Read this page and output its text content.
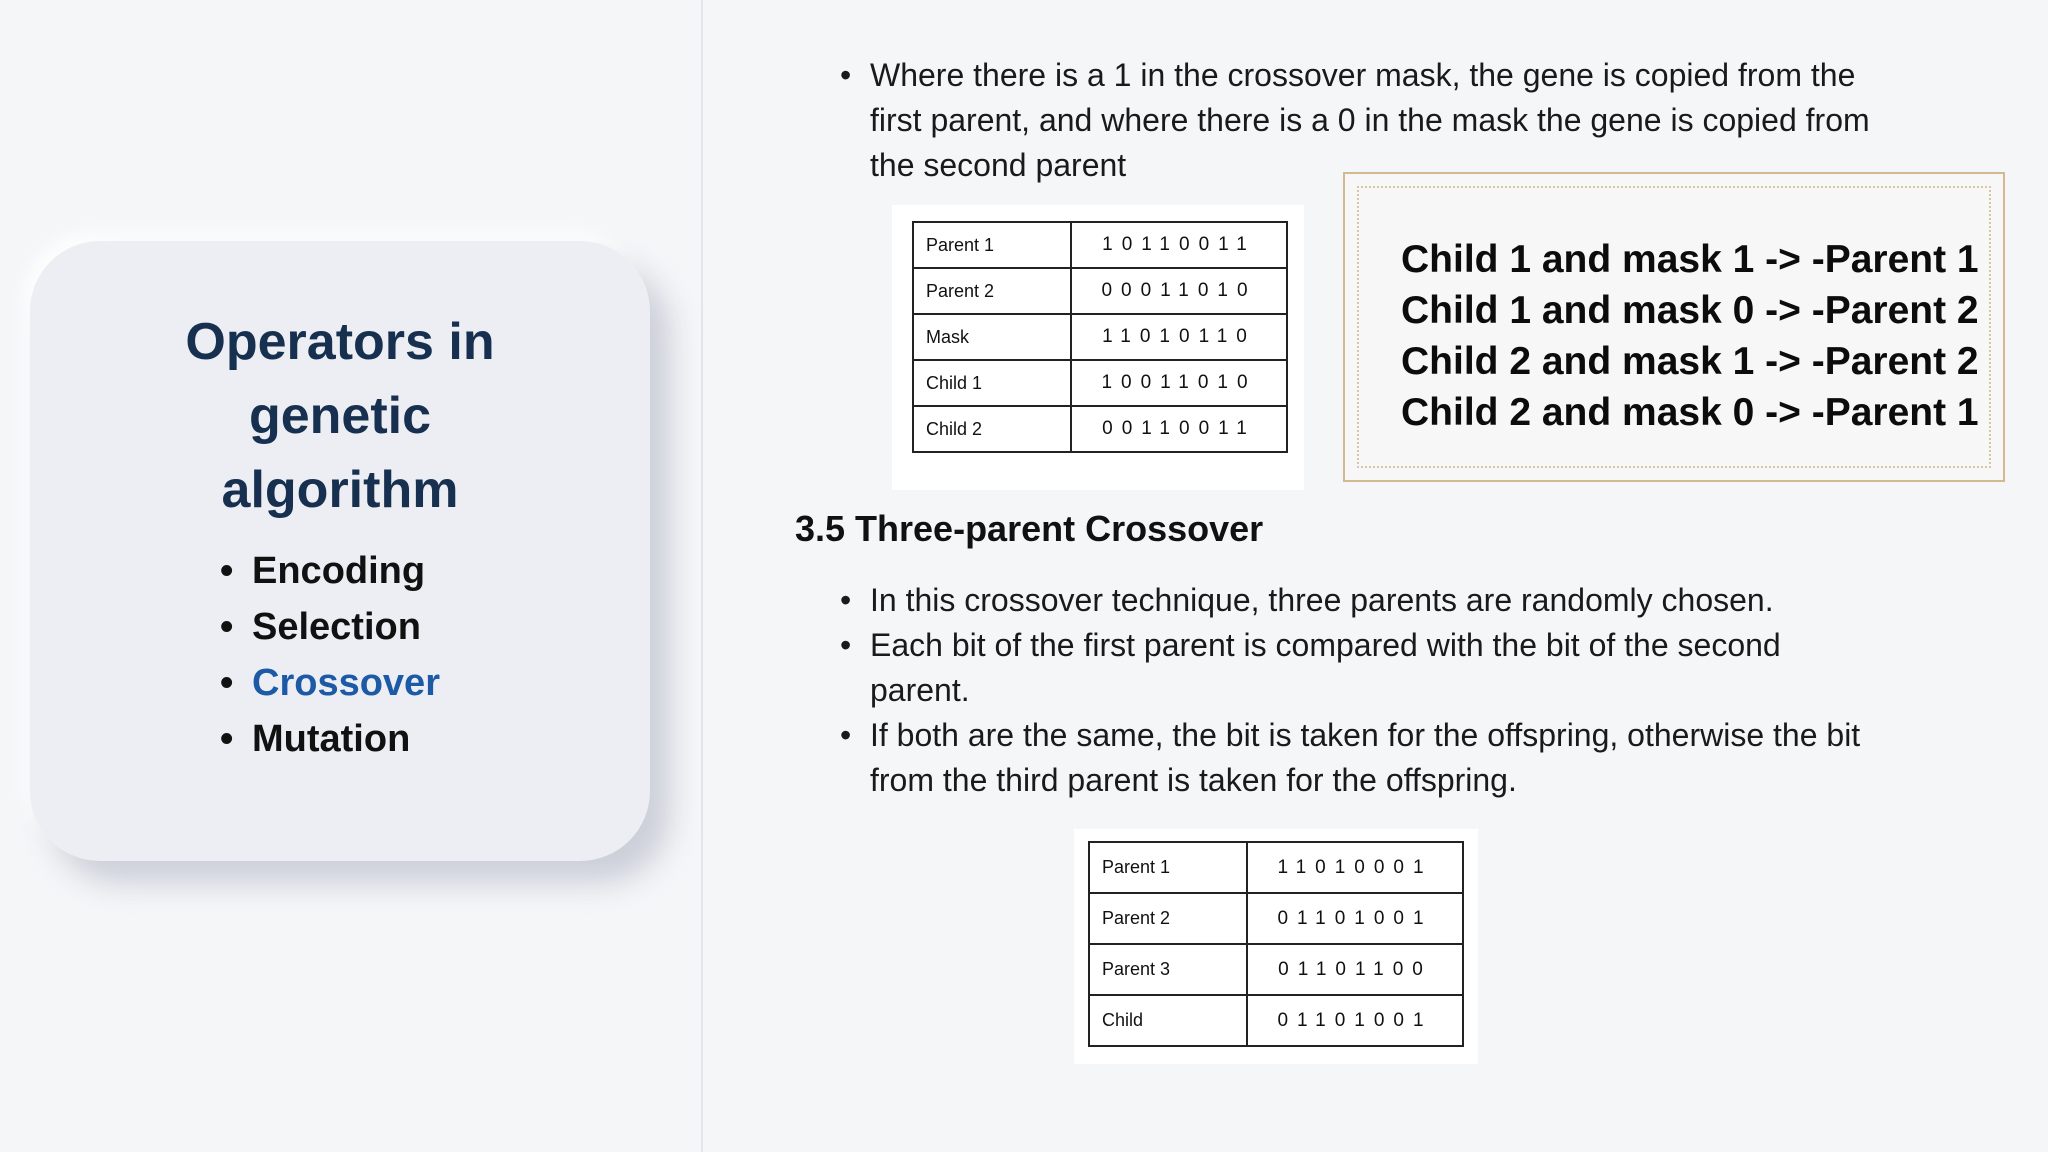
Operators in
genetic
algorithm
• Encoding
• Selection
• Crossover
• Mutation
• Where there is a 1 in the crossover mask, the gene is copied from the first parent, and where there is a 0 in the mask the gene is copied from the second parent
Parent 1	10110011
Parent 2	00011010
Mask	11010110
Child 1	10011010
Child 2	00110011
Child 1 and mask 1 -> -Parent 1
Child 1 and mask 0 -> -Parent 2
Child 2 and mask 1 -> -Parent 2
Child 2 and mask 0 -> -Parent 1
3.5 Three-parent Crossover
• In this crossover technique, three parents are randomly chosen.
• Each bit of the first parent is compared with the bit of the second parent.
• If both are the same, the bit is taken for the offspring, otherwise the bit from the third parent is taken for the offspring.
Parent 1	11010001
Parent 2	01101001
Parent 3	01101100
Child	01101001
